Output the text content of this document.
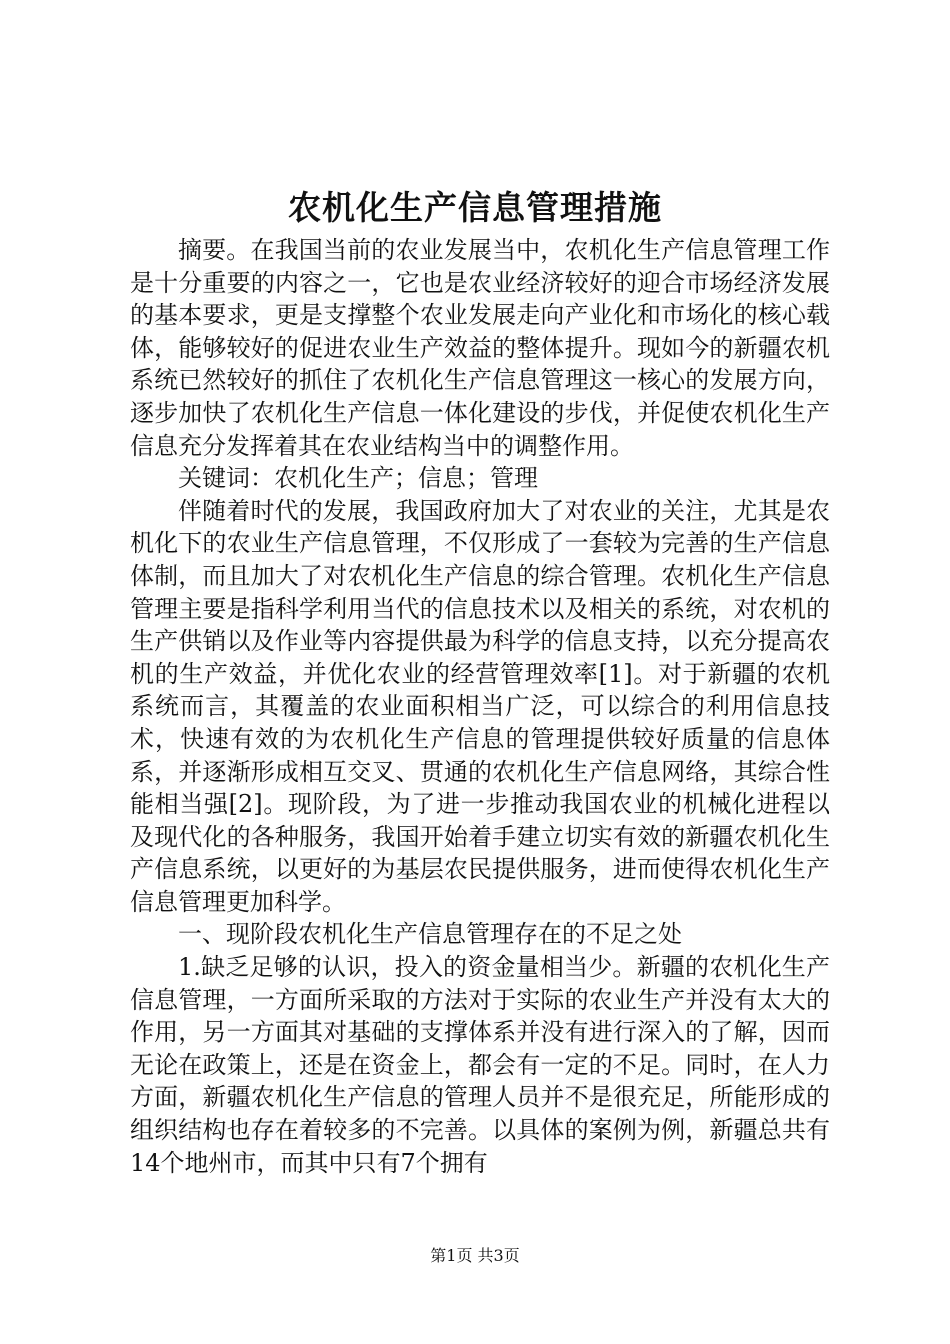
农机化生产信息管理措施

摘要。在我国当前的农业发展当中，农机化生产信息管理工作是十分重要的内容之一，它也是农业经济较好的迎合市场经济发展的基本要求，更是支撑整个农业发展走向产业化和市场化的核心载体，能够较好的促进农业生产效益的整体提升。现如今的新疆农机系统已然较好的抓住了农机化生产信息管理这一核心的发展方向，逐步加快了农机化生产信息一体化建设的步伐，并促使农机化生产信息充分发挥着其在农业结构当中的调整作用。

关键词：农机化生产；信息；管理

伴随着时代的发展，我国政府加大了对农业的关注，尤其是农机化下的农业生产信息管理，不仅形成了一套较为完善的生产信息体制，而且加大了对农机化生产信息的综合管理。农机化生产信息管理主要是指科学利用当代的信息技术以及相关的系统，对农机的生产供销以及作业等内容提供最为科学的信息支持，以充分提高农机的生产效益，并优化农业的经营管理效率[1]。对于新疆的农机系统而言，其覆盖的农业面积相当广泛，可以综合的利用信息技术，快速有效的为农机化生产信息的管理提供较好质量的信息体系，并逐渐形成相互交叉、贯通的农机化生产信息网络，其综合性能相当强[2]。现阶段，为了进一步推动我国农业的机械化进程以及现代化的各种服务，我国开始着手建立切实有效的新疆农机化生产信息系统，以更好的为基层农民提供服务，进而使得农机化生产信息管理更加科学。

一、现阶段农机化生产信息管理存在的不足之处

1.缺乏足够的认识，投入的资金量相当少。新疆的农机化生产信息管理，一方面所采取的方法对于实际的农业生产并没有太大的作用，另一方面其对基础的支撑体系并没有进行深入的了解，因而无论在政策上，还是在资金上，都会有一定的不足。同时，在人力方面，新疆农机化生产信息的管理人员并不是很充足，所能形成的组织结构也存在着较多的不完善。以具体的案例为例，新疆总共有14个地州市，而其中只有7个拥有

第1页 共3页
